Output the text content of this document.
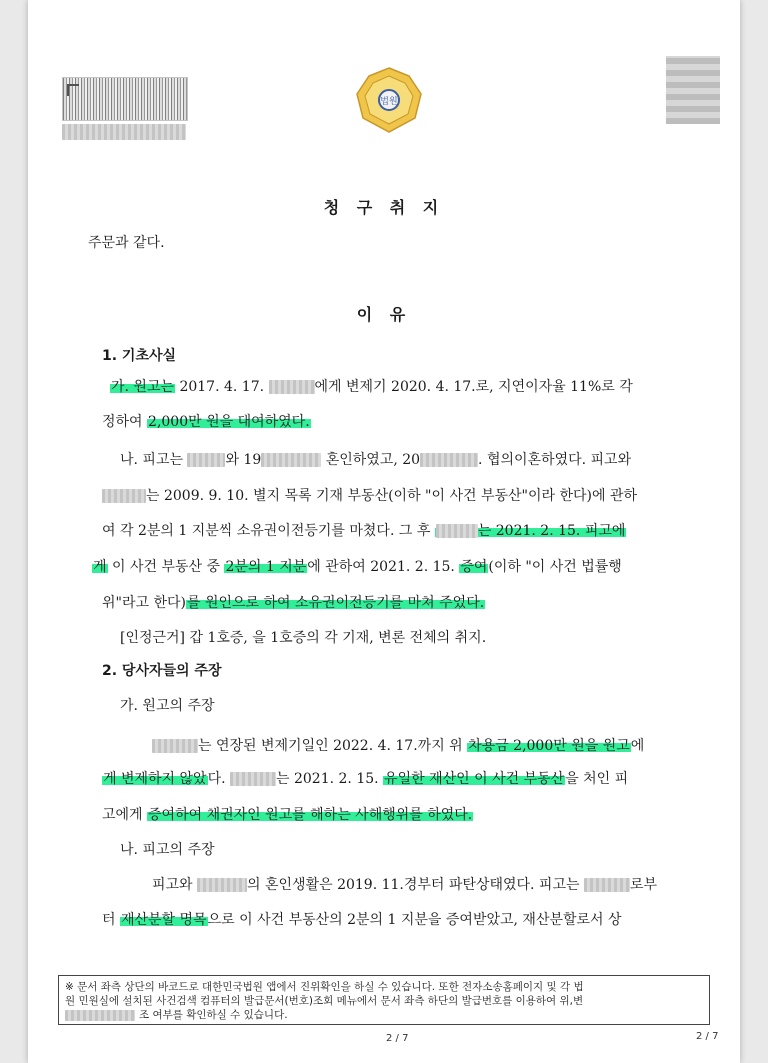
법원
청 구 취 지
주문과 같다.
이 유
1. 기초사실
가. 원고는 2017. 4. 17.	에게 변제기 2020. 4. 17.로, 지연이자율 11%로 각
정하여 2,000만 원을 대여하였다.
나. 피고는	와 19	혼인하였고, 20	. 협의이혼하였다. 피고와
는 2009. 9. 10. 별지 목록 기재 부동산(이하 "이 사건 부동산"이라 한다)에 관하
여 각 2분의 1 지분씩 소유권이전등기를 마쳤다. 그 후	는 2021. 2. 15. 피고에
게 이 사건 부동산 중 2분의 1 지분에 관하여 2021. 2. 15. 증여(이하 "이 사건 법률행
위"라고 한다)를 원인으로 하여 소유권이전등기를 마쳐 주었다.
[인정근거] 갑 1호증, 을 1호증의 각 기재, 변론 전체의 취지.
2. 당사자들의 주장
가. 원고의 주장
는 연장된 변제기일인 2022. 4. 17.까지 위 차용금 2,000만 원을 원고에
게 변제하지 않았다.	는 2021. 2. 15. 유일한 재산인 이 사건 부동산을 처인 피
고에게 증여하여 채권자인 원고를 해하는 사해행위를 하였다.
나. 피고의 주장
피고와	의 혼인생활은 2019. 11.경부터 파탄상태였다. 피고는	로부
터 재산분할 명목으로 이 사건 부동산의 2분의 1 지분을 증여받았고, 재산분할로서 상
※ 문서 좌측 상단의 바코드로 대한민국법원 앱에서 진위확인을 하실 수 있습니다. 또한 전자소송홈페이지 및 각 법
원 민원실에 설치된 사건검색 컴퓨터의 발급문서(번호)조회 메뉴에서 문서 좌측 하단의 발급번호를 이용하여 위,변
조 여부를 확인하실 수 있습니다.
2 / 7	2 / 7
